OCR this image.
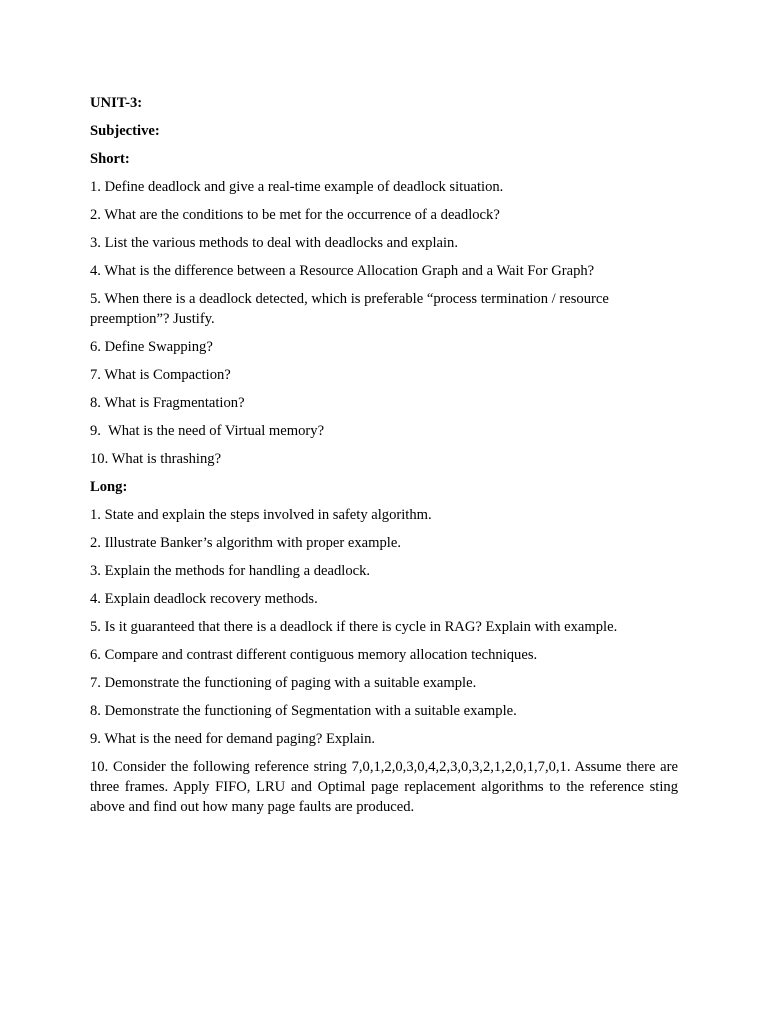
UNIT-3:

Subjective:

Short:

1. Define deadlock and give a real-time example of deadlock situation.

2. What are the conditions to be met for the occurrence of a deadlock?

3. List the various methods to deal with deadlocks and explain.

4. What is the difference between a Resource Allocation Graph and a Wait For Graph?

5. When there is a deadlock detected, which is preferable “process termination / resource preemption”? Justify.

6. Define Swapping?

7. What is Compaction?

8. What is Fragmentation?

9.  What is the need of Virtual memory?

10. What is thrashing?

Long:

1. State and explain the steps involved in safety algorithm.

2. Illustrate Banker’s algorithm with proper example.

3. Explain the methods for handling a deadlock.

4. Explain deadlock recovery methods.

5. Is it guaranteed that there is a deadlock if there is cycle in RAG? Explain with example.

6. Compare and contrast different contiguous memory allocation techniques.

7. Demonstrate the functioning of paging with a suitable example.

8. Demonstrate the functioning of Segmentation with a suitable example.

9. What is the need for demand paging? Explain.

10. Consider the following reference string 7,0,1,2,0,3,0,4,2,3,0,3,2,1,2,0,1,7,0,1. Assume there are three frames. Apply FIFO, LRU and Optimal page replacement algorithms to the reference sting above and find out how many page faults are produced.
